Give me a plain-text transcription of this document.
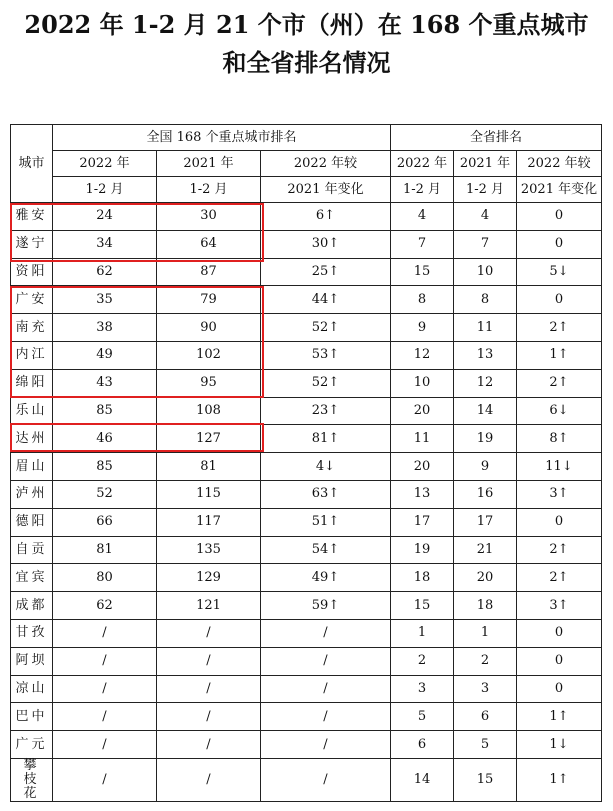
2022 年 1-2 月 21 个市（州）在 168 个重点城市
和全省排名情况
城市	全国 168 个重点城市排名			全省排名		
	2022 年	2021 年	2022 年较	2022 年	2021 年	2022 年较
	1-2 月	1-2 月	2021 年变化	1-2 月	1-2 月	2021 年变化
雅安	24	30	6↑	4	4	0
遂宁	34	64	30↑	7	7	0
资阳	62	87	25↑	15	10	5↓
广安	35	79	44↑	8	8	0
南充	38	90	52↑	9	11	2↑
内江	49	102	53↑	12	13	1↑
绵阳	43	95	52↑	10	12	2↑
乐山	85	108	23↑	20	14	6↓
达州	46	127	81↑	11	19	8↑
眉山	85	81	4↓	20	9	11↓
泸州	52	115	63↑	13	16	3↑
德阳	66	117	51↑	17	17	0
自贡	81	135	54↑	19	21	2↑
宜宾	80	129	49↑	18	20	2↑
成都	62	121	59↑	15	18	3↑
甘孜	/	/	/	1	1	0
阿坝	/	/	/	2	2	0
凉山	/	/	/	3	3	0
巴中	/	/	/	5	6	1↑
广元	/	/	/	6	5	1↓
攀枝花	/	/	/	14	15	1↑
